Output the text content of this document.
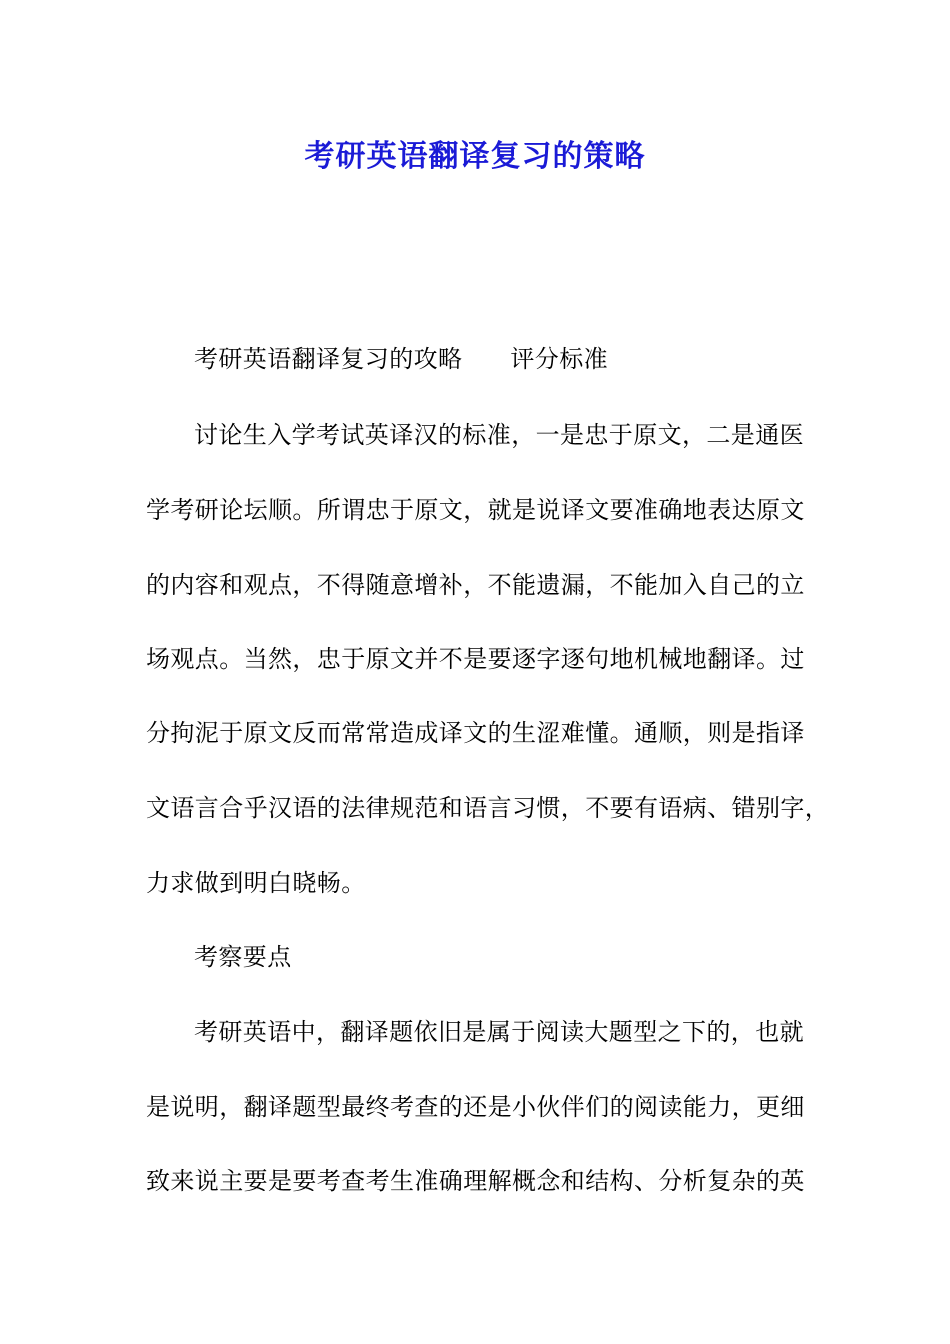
考研英语翻译复习的策略
考研英语翻译复习的攻略 评分标准
讨论生入学考试英译汉的标准，一是忠于原文，二是通医
学考研论坛顺。所谓忠于原文，就是说译文要准确地表达原文
的内容和观点，不得随意增补，不能遗漏，不能加入自己的立
场观点。当然，忠于原文并不是要逐字逐句地机械地翻译。过
分拘泥于原文反而常常造成译文的生涩难懂。通顺，则是指译
文语言合乎汉语的法律规范和语言习惯，不要有语病、错别字，
力求做到明白晓畅。
考察要点
考研英语中，翻译题依旧是属于阅读大题型之下的，也就
是说明，翻译题型最终考查的还是小伙伴们的阅读能力，更细
致来说主要是要考查考生准确理解概念和结构、分析复杂的英
